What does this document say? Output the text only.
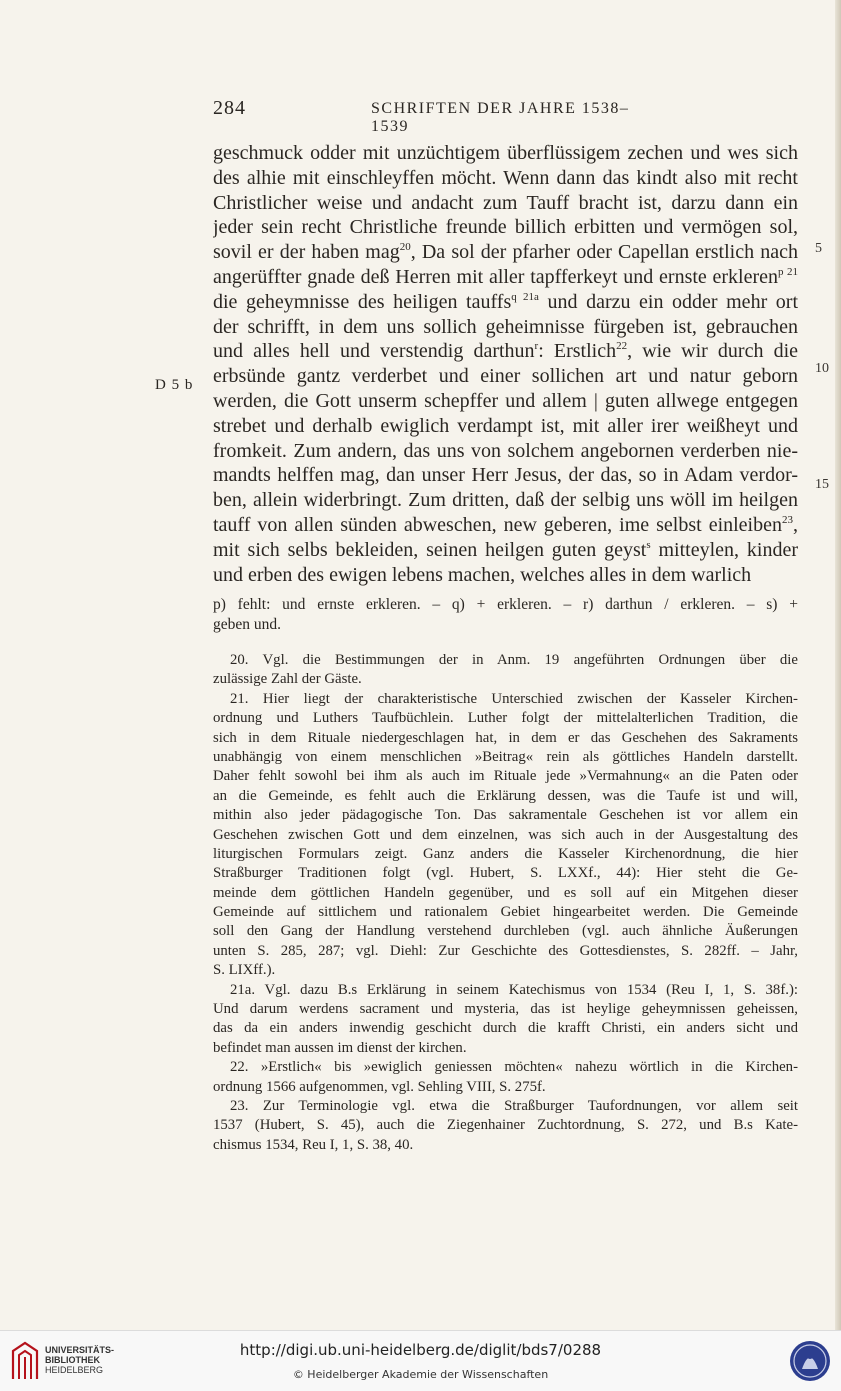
284	SCHRIFTEN DER JAHRE 1538–1539
D 5 b
5
10
15
geschmuck odder mit unzüchtigem überflüssigem zechen und wes sich
des alhie mit einschleyffen möcht. Wenn dann das kindt also mit recht
Christlicher weise und andacht zum Tauff bracht ist, darzu dann ein
jeder sein recht Christliche freunde billich erbitten und vermögen sol,
sovil er der haben mag$^{20}$, Da sol der pfarher oder Capellan erstlich nach
angerüffter gnade deß Herren mit aller tapfferkeyt und ernste erkleren$^{p 21}$
die geheymnisse des heiligen tauffs$^{q 21a}$ und darzu ein odder mehr ort
der schrifft, in dem uns sollich geheimnisse fürgeben ist, gebrauchen
und alles hell und verstendig darthun$^r$: Erstlich$^{22}$, wie wir durch die
erbsünde gantz verderbet und einer sollichen art und natur geborn
werden, die Gott unserm schepffer und allem | guten allwege entgegen
strebet und derhalb ewiglich verdampt ist, mit aller irer weißheyt und
fromkeit. Zum andern, das uns von solchem angebornen verderben nie-
mandts helffen mag, dan unser Herr Jesus, der das, so in Adam verdor-
ben, allein widerbringt. Zum dritten, daß der selbig uns wöll im heilgen
tauff von allen sünden abweschen, new geberen, ime selbst einleiben$^{23}$,
mit sich selbs bekleiden, seinen heilgen guten geyst$^s$ mitteylen, kinder
und erben des ewigen lebens machen, welches alles in dem warlich
p) fehlt: und ernste erkleren. – q) + erkleren. – r) darthun / erkleren. – s) +
geben und.
20. Vgl. die Bestimmungen der in Anm. 19 angeführten Ordnungen über die
zulässige Zahl der Gäste.
21. Hier liegt der charakteristische Unterschied zwischen der Kasseler Kirchen-
ordnung und Luthers Taufbüchlein. Luther folgt der mittelalterlichen Tradition, die
sich in dem Rituale niedergeschlagen hat, in dem er das Geschehen des Sakraments
unabhängig von einem menschlichen »Beitrag« rein als göttliches Handeln darstellt.
Daher fehlt sowohl bei ihm als auch im Rituale jede »Vermahnung« an die Paten oder
an die Gemeinde, es fehlt auch die Erklärung dessen, was die Taufe ist und will,
mithin also jeder pädagogische Ton. Das sakramentale Geschehen ist vor allem ein
Geschehen zwischen Gott und dem einzelnen, was sich auch in der Ausgestaltung des
liturgischen Formulars zeigt. Ganz anders die Kasseler Kirchenordnung, die hier
Straßburger Traditionen folgt (vgl. Hubert, S. LXXf., 44): Hier steht die Ge-
meinde dem göttlichen Handeln gegenüber, und es soll auf ein Mitgehen dieser
Gemeinde auf sittlichem und rationalem Gebiet hingearbeitet werden. Die Gemeinde
soll den Gang der Handlung verstehend durchleben (vgl. auch ähnliche Äußerungen
unten S. 285, 287; vgl. Diehl: Zur Geschichte des Gottesdienstes, S. 282ff. – Jahr,
S. LIXff.).
21a. Vgl. dazu B.s Erklärung in seinem Katechismus von 1534 (Reu I, 1, S. 38f.):
Und darum werdens sacrament und mysteria, das ist heylige geheymnissen geheissen,
das da ein anders inwendig geschicht durch die krafft Christi, ein anders sicht und
befindet man aussen im dienst der kirchen.
22. »Erstlich« bis »ewiglich geniessen möchten« nahezu wörtlich in die Kirchen-
ordnung 1566 aufgenommen, vgl. Sehling VIII, S. 275f.
23. Zur Terminologie vgl. etwa die Straßburger Taufordnungen, vor allem seit
1537 (Hubert, S. 45), auch die Ziegenhainer Zuchtordnung, S. 272, und B.s Kate-
chismus 1534, Reu I, 1, S. 38, 40.
UNIVERSITÄTS-
BIBLIOTHEK
HEIDELBERG
http://digi.ub.uni-heidelberg.de/diglit/bds7/0288
© Heidelberger Akademie der Wissenschaften
